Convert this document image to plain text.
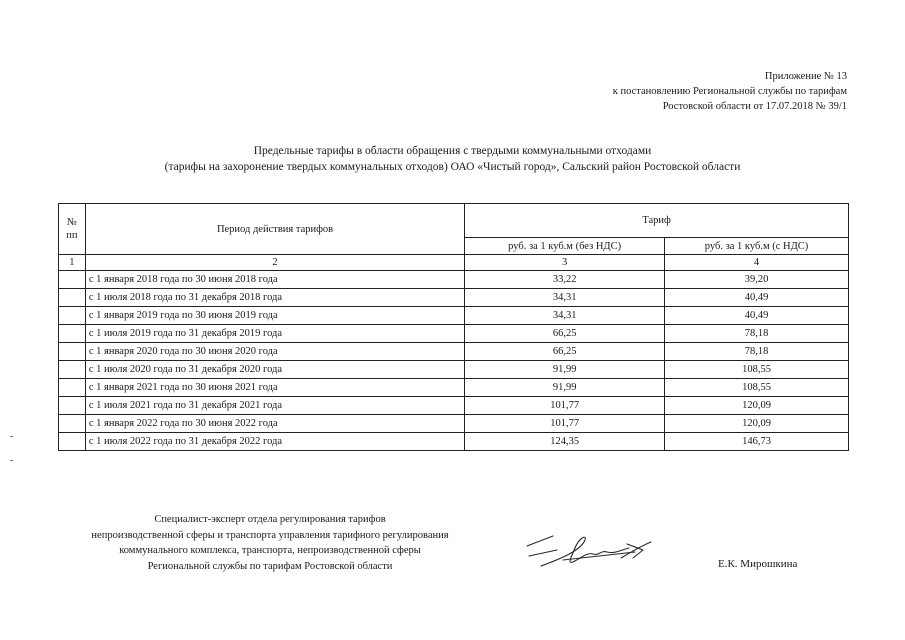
Приложение № 13
к постановлению Региональной службы по тарифам
Ростовской области от 17.07.2018 № 39/1
Предельные тарифы в области обращения с твердыми коммунальными отходами
(тарифы на захоронение твердых коммунальных отходов) ОАО «Чистый город», Сальский район Ростовской области
№
пп	Период действия тарифов	Тариф	
		руб. за 1 куб.м (без НДС)	руб. за 1 куб.м (с НДС)
1	2	3	4
	с 1 января 2018 года по 30 июня 2018 года	33,22	39,20
	с 1 июля 2018 года по 31 декабря 2018 года	34,31	40,49
	с 1 января 2019 года по 30 июня 2019 года	34,31	40,49
	с 1 июля 2019 года по 31 декабря 2019 года	66,25	78,18
	с 1 января 2020 года по 30 июня 2020 года	66,25	78,18
	с 1 июля 2020 года по 31 декабря 2020 года	91,99	108,55
	с 1 января 2021 года по 30 июня 2021 года	91,99	108,55
	с 1 июля 2021 года по 31 декабря 2021 года	101,77	120,09
	с 1 января 2022 года по 30 июня 2022 года	101,77	120,09
	с 1 июля 2022 года по 31 декабря 2022 года	124,35	146,73
Специалист-эксперт отдела регулирования тарифов
непроизводственной сферы и транспорта управления тарифного регулирования
коммунального комплекса, транспорта, непроизводственной сферы
Региональной службы по тарифам Ростовской области	Е.К. Мирошкина
